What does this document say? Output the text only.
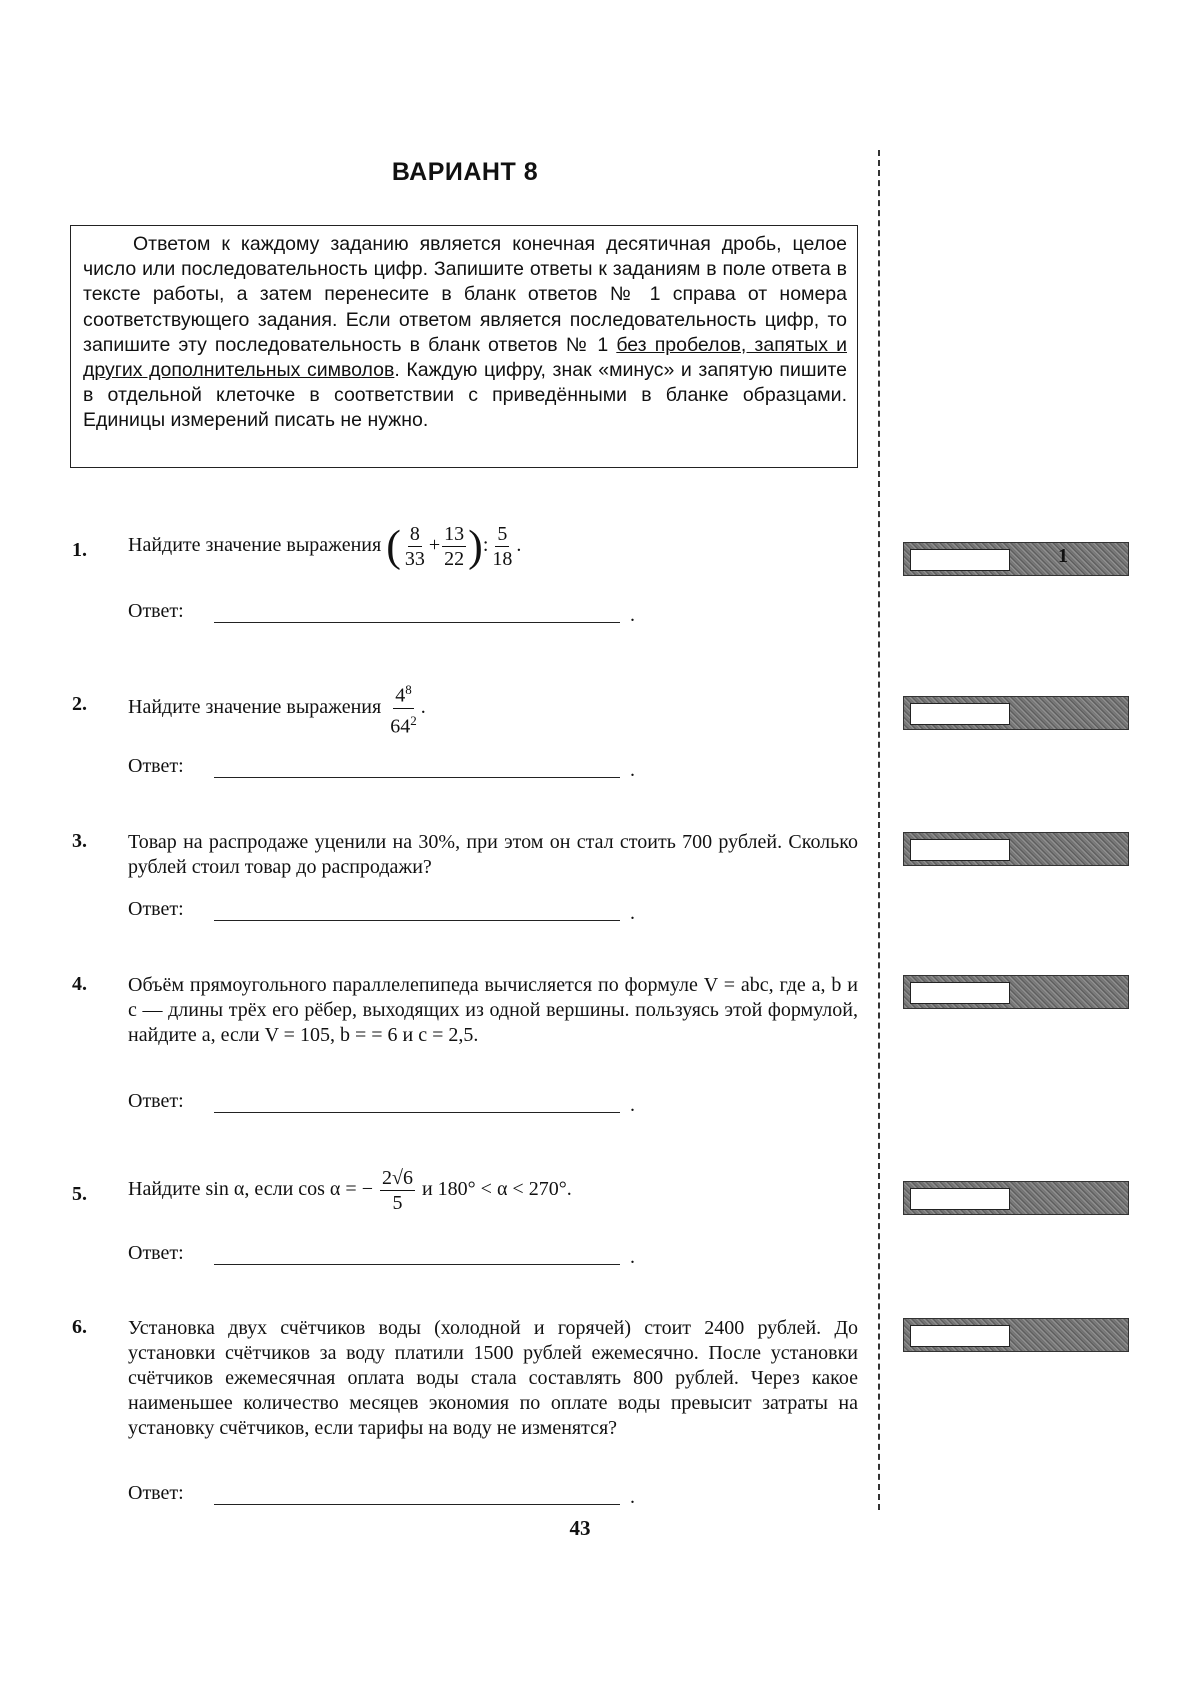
ВАРИАНТ 8
Ответом к каждому заданию является конечная десятичная дробь, целое число или последовательность цифр. Запишите ответы к заданиям в поле ответа в тексте работы, а затем перенесите в бланк ответов № 1 справа от номера соответствующего задания. Если ответом является последовательность цифр, то запишите эту последовательность в бланк ответов № 1 без пробелов, запятых и других дополнительных символов. Каждую цифру, знак «минус» и запятую пишите в отдельной клеточке в соответствии с приведёнными в бланке образцами. Единицы измерений писать не нужно.
1. Найдите значение выражения ( $\frac{8}{33} + \frac{13}{22}$ ): $\frac{5}{18}$ .
Ответ:	.
1
2. Найдите значение выражения $\frac{4^8}{64^2}$ .
Ответ:	.
3. Товар на распродаже уценили на 30%, при этом он стал стоить 700 рублей. Сколько рублей стоил товар до распродажи?
Ответ:	.
4. Объём прямоугольного параллелепипеда вычисляется по формуле V = abc, где a, b и c — длины трёх его рёбер, выходящих из одной вершины. пользуясь этой формулой, найдите a, если V = 105, b = = 6 и c = 2,5.
Ответ:	.
5. Найдите sin α, если cos α = − $\frac{2√6}{5}$ и 180° < α < 270°.
Ответ:	.
6. Установка двух счётчиков воды (холодной и горячей) стоит 2400 рублей. До установки счётчиков за воду платили 1500 рублей ежемесячно. После установки счётчиков ежемесячная оплата воды стала составлять 800 рублей. Через какое наименьшее количество месяцев экономия по оплате воды превысит затраты на установку счётчиков, если тарифы на воду не изменятся?
Ответ:	.
43
